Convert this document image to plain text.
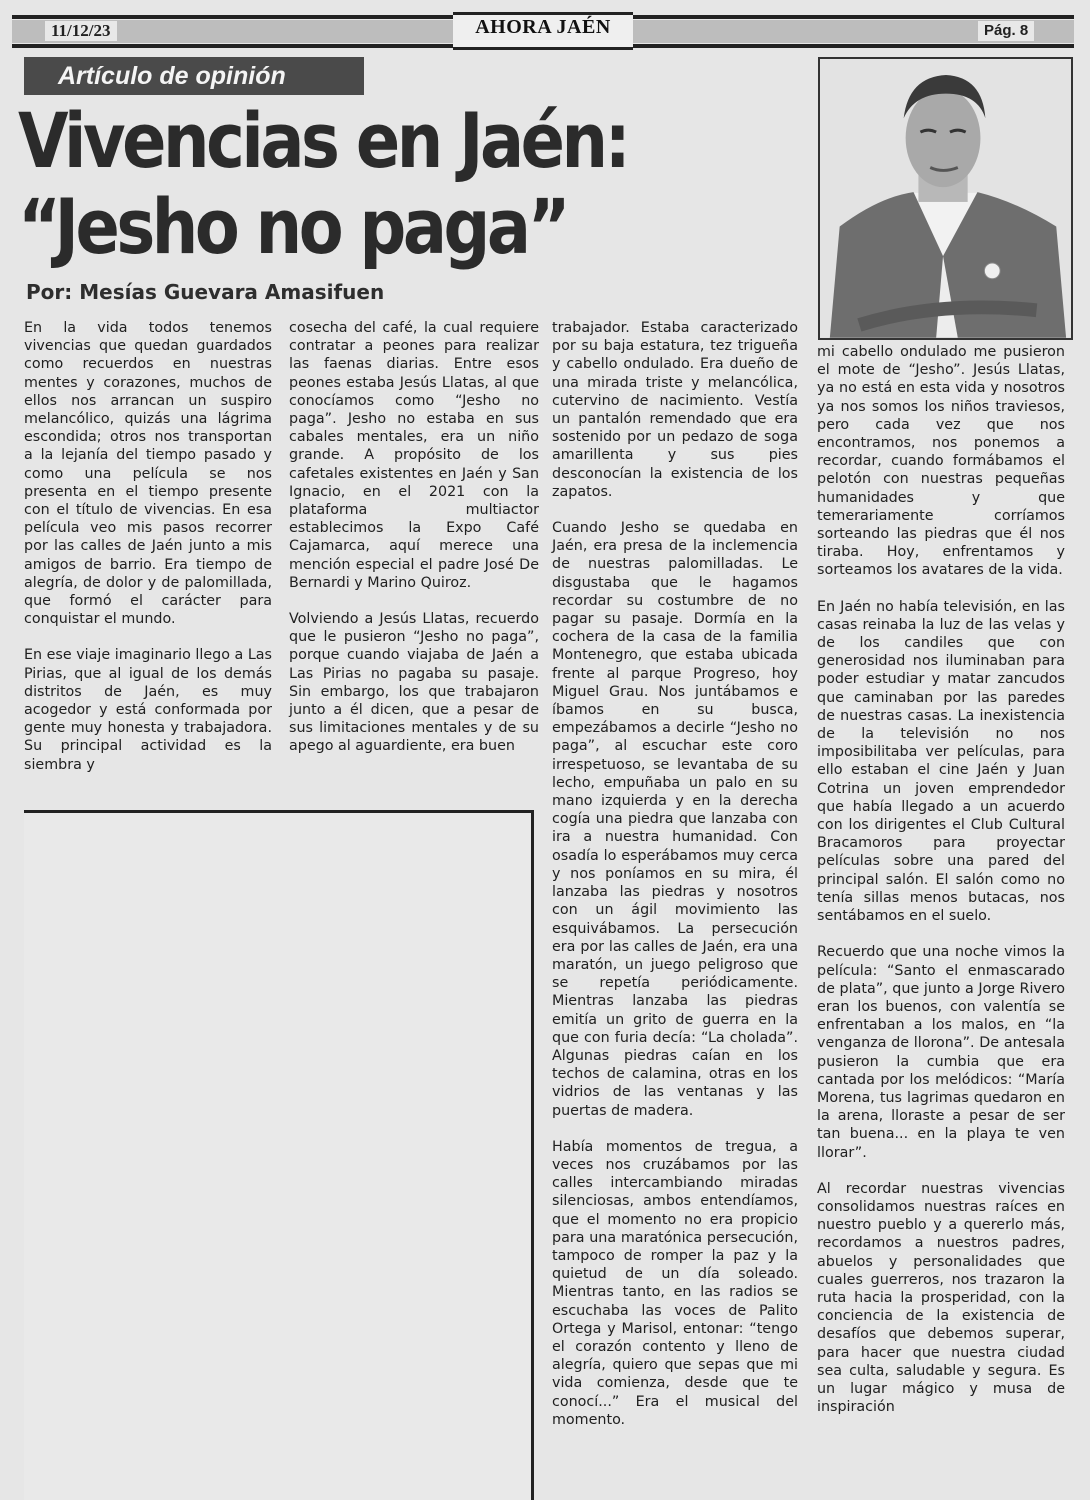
11/12/23	AHORA JAÉN	Pág. 8
Artículo de opinión
Vivencias en Jaén:
“Jesho no paga”

Por: Mesías Guevara Amasifuen

En la vida todos tenemos vivencias que quedan guardados como recuerdos en nuestras mentes y corazones, muchos de ellos nos arrancan un suspiro melancólico, quizás una lágrima escondida; otros nos transportan a la lejanía del tiempo pasado y como una película se nos presenta en el tiempo presente con el título de vivencias. En esa película veo mis pasos recorrer por las calles de Jaén junto a mis amigos de barrio. Era tiempo de alegría, de dolor y de palomillada, que formó el carácter para conquistar el mundo.

En ese viaje imaginario llego a Las Pirias, que al igual de los demás distritos de Jaén, es muy acogedor y está conformada por gente muy honesta y trabajadora. Su principal actividad es la siembra y

cosecha del café, la cual requiere contratar a peones para realizar las faenas diarias. Entre esos peones estaba Jesús Llatas, al que conocíamos como “Jesho no paga”. Jesho no estaba en sus cabales mentales, era un niño grande. A propósito de los cafetales existentes en Jaén y San Ignacio, en el 2021 con la plataforma multiactor establecimos la Expo Café Cajamarca, aquí merece una mención especial el padre José De Bernardi y Marino Quiroz.

Volviendo a Jesús Llatas, recuerdo que le pusieron “Jesho no paga”, porque cuando viajaba de Jaén a Las Pirias no pagaba su pasaje. Sin embargo, los que trabajaron junto a él dicen, que a pesar de sus limitaciones mentales y de su apego al aguardiente, era buen

trabajador. Estaba caracterizado por su baja estatura, tez trigueña y cabello ondulado. Era dueño de una mirada triste y melancólica, cutervino de nacimiento. Vestía un pantalón remendado que era sostenido por un pedazo de soga amarillenta y sus pies desconocían la existencia de los zapatos.

Cuando Jesho se quedaba en Jaén, era presa de la inclemencia de nuestras palomilladas. Le disgustaba que le hagamos recordar su costumbre de no pagar su pasaje. Dormía en la cochera de la casa de la familia Montenegro, que estaba ubicada frente al parque Progreso, hoy Miguel Grau. Nos juntábamos e íbamos en su busca, empezábamos a decirle “Jesho no paga”, al escuchar este coro irrespetuoso, se levantaba de su lecho, empuñaba un palo en su mano izquierda y en la derecha cogía una piedra que lanzaba con ira a nuestra humanidad. Con osadía lo esperábamos muy cerca y nos poníamos en su mira, él lanzaba las piedras y nosotros con un ágil movimiento las esquivábamos. La persecución era por las calles de Jaén, era una maratón, un juego peligroso que se repetía periódicamente. Mientras lanzaba las piedras emitía un grito de guerra en la que con furia decía: “La cholada”. Algunas piedras caían en los techos de calamina, otras en los vidrios de las ventanas y las puertas de madera.

Había momentos de tregua, a veces nos cruzábamos por las calles intercambiando miradas silenciosas, ambos entendíamos, que el momento no era propicio para una maratónica persecución, tampoco de romper la paz y la quietud de un día soleado. Mientras tanto, en las radios se escuchaba las voces de Palito Ortega y Marisol, entonar: “tengo el corazón contento y lleno de alegría, quiero que sepas que mi vida comienza, desde que te conocí...” Era el musical del momento.

mi cabello ondulado me pusieron el mote de “Jesho”. Jesús Llatas, ya no está en esta vida y nosotros ya nos somos los niños traviesos, pero cada vez que nos encontramos, nos ponemos a recordar, cuando formábamos el pelotón con nuestras pequeñas humanidades y que temerariamente corríamos sorteando las piedras que él nos tiraba. Hoy, enfrentamos y sorteamos los avatares de la vida.

En Jaén no había televisión, en las casas reinaba la luz de las velas y de los candiles que con generosidad nos iluminaban para poder estudiar y matar zancudos que caminaban por las paredes de nuestras casas. La inexistencia de la televisión no nos imposibilitaba ver películas, para ello estaban el cine Jaén y Juan Cotrina un joven emprendedor que había llegado a un acuerdo con los dirigentes el Club Cultural Bracamoros para proyectar películas sobre una pared del principal salón. El salón como no tenía sillas menos butacas, nos sentábamos en el suelo.

Recuerdo que una noche vimos la película: “Santo el enmascarado de plata”, que junto a Jorge Rivero eran los buenos, con valentía se enfrentaban a los malos, en “la venganza de llorona”. De antesala pusieron la cumbia que era cantada por los melódicos: “María Morena, tus lagrimas quedaron en la arena, lloraste a pesar de ser tan buena... en la playa te ven llorar”.

Al recordar nuestras vivencias consolidamos nuestras raíces en nuestro pueblo y a quererlo más, recordamos a nuestros padres, abuelos y personalidades que cuales guerreros, nos trazaron la ruta hacia la prosperidad, con la conciencia de la existencia de desafíos que debemos superar, para hacer que nuestra ciudad sea culta, saludable y segura. Es un lugar mágico y musa de inspiración
